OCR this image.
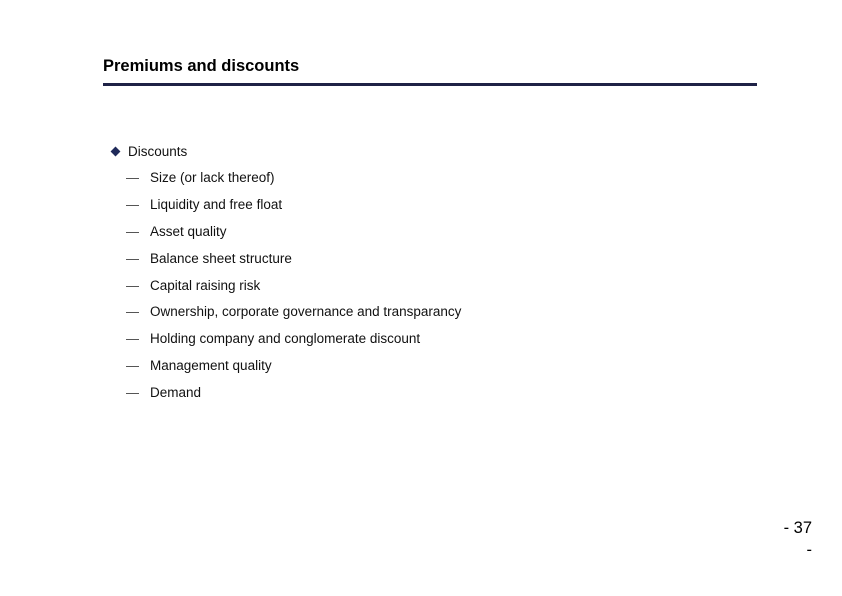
Premiums and discounts
Discounts
Size (or lack thereof)
Liquidity and free float
Asset quality
Balance sheet structure
Capital raising risk
Ownership, corporate governance and transparancy
Holding company and conglomerate discount
Management quality
Demand
- 37
-
